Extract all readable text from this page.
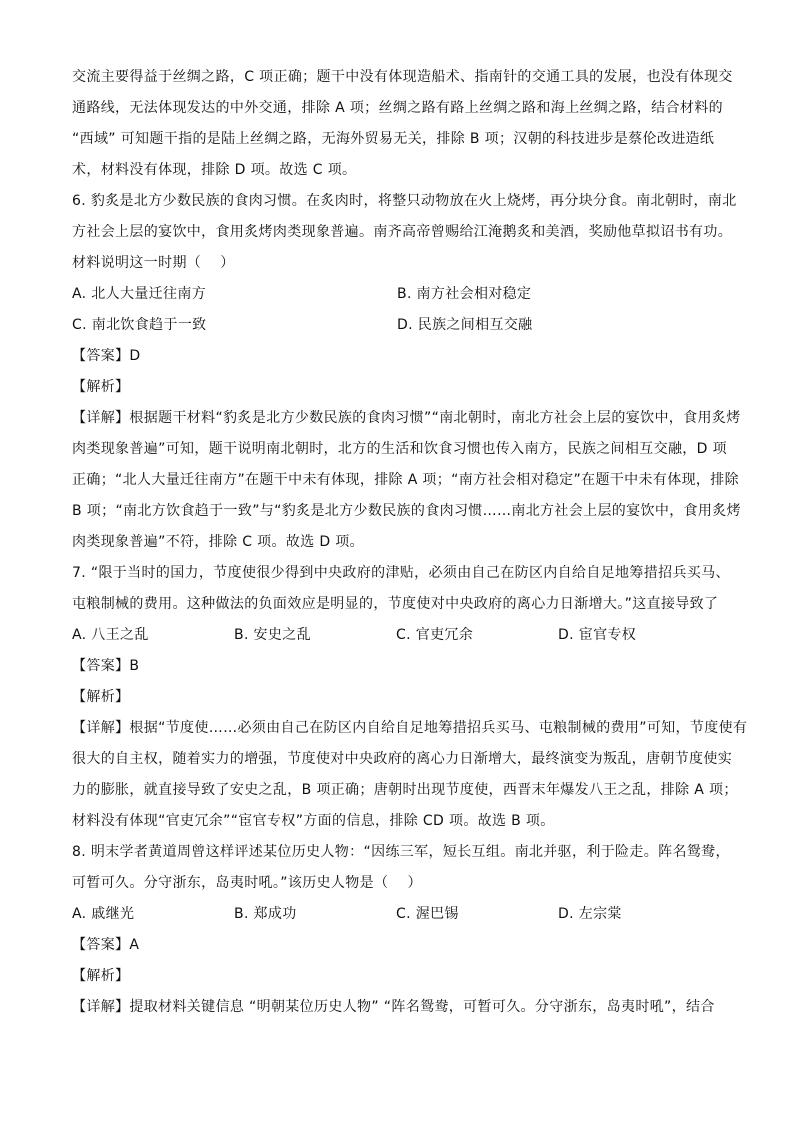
交流主要得益于丝绸之路，C 项正确；题干中没有体现造船术、指南针的交通工具的发展，也没有体现交
通路线，无法体现发达的中外交通，排除 A 项；丝绸之路有路上丝绸之路和海上丝绸之路，结合材料的
“西域” 可知题干指的是陆上丝绸之路，无海外贸易无关，排除 B 项；汉朝的科技进步是蔡伦改进造纸
术，材料没有体现，排除 D 项。故选 C 项。
6. 豹炙是北方少数民族的食肉习惯。在炙肉时，将整只动物放在火上烧烤，再分块分食。南北朝时，南北
方社会上层的宴饮中，食用炙烤肉类现象普遍。南齐高帝曾赐给江淹鹅炙和美酒，奖励他草拟诏书有功。
材料说明这一时期（　 ）
A. 北人大量迁往南方	B. 南方社会相对稳定
C. 南北饮食趋于一致	D. 民族之间相互交融
【答案】D
【解析】
【详解】根据题干材料“豹炙是北方少数民族的食肉习惯”“南北朝时，南北方社会上层的宴饮中，食用炙烤
肉类现象普遍”可知，题干说明南北朝时，北方的生活和饮食习惯也传入南方，民族之间相互交融，D 项
正确；“北人大量迁往南方”在题干中未有体现，排除 A 项；“南方社会相对稳定”在题干中未有体现，排除
B 项；“南北方饮食趋于一致”与“豹炙是北方少数民族的食肉习惯……南北方社会上层的宴饮中，食用炙烤
肉类现象普遍”不符，排除 C 项。故选 D 项。
7. “限于当时的国力，节度使很少得到中央政府的津贴，必须由自己在防区内自给自足地筹措招兵买马、
屯粮制械的费用。这种做法的负面效应是明显的，节度使对中央政府的离心力日渐增大。”这直接导致了
A. 八王之乱	B. 安史之乱	C. 官吏冗余	D. 宦官专权
【答案】B
【解析】
【详解】根据“节度使……必须由自己在防区内自给自足地筹措招兵买马、屯粮制械的费用”可知，节度使有
很大的自主权，随着实力的增强，节度使对中央政府的离心力日渐增大，最终演变为叛乱，唐朝节度使实
力的膨胀，就直接导致了安史之乱，B 项正确；唐朝时出现节度使，西晋末年爆发八王之乱，排除 A 项；
材料没有体现“官吏冗余”“宦官专权”方面的信息，排除 CD 项。故选 B 项。
8. 明末学者黄道周曾这样评述某位历史人物：“因练三军，短长互组。南北并驱，利于险走。阵名鸳鸯，
可暂可久。分守浙东，岛夷时吼。”该历史人物是（　 ）
A. 戚继光	B. 郑成功	C. 渥巴锡	D. 左宗棠
【答案】A
【解析】
【详解】提取材料关键信息 “明朝某位历史人物” “阵名鸳鸯，可暂可久。分守浙东，岛夷时吼”，结合
